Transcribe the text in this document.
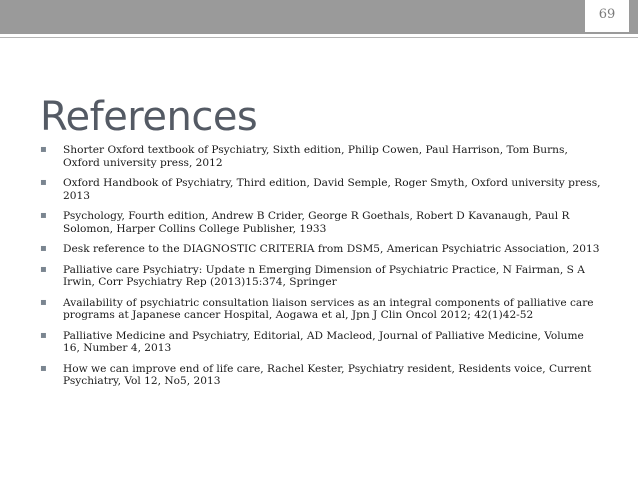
69
References
▪ Shorter Oxford textbook of Psychiatry, Sixth edition, Philip Cowen, Paul Harrison, Tom Burns, Oxford university press, 2012
▪ Oxford Handbook of Psychiatry, Third edition, David Semple, Roger Smyth, Oxford university press, 2013
▪ Psychology, Fourth edition, Andrew B Crider, George R Goethals, Robert D Kavanaugh, Paul R Solomon, Harper Collins College Publisher, 1933
▪ Desk reference to the DIAGNOSTIC CRITERIA from DSM5, American Psychiatric Association, 2013
▪ Palliative care Psychiatry: Update n Emerging Dimension of Psychiatric Practice, N Fairman, S A Irwin, Corr Psychiatry Rep (2013)15:374, Springer
▪ Availability of psychiatric consultation liaison services as an integral components of palliative care programs at Japanese cancer Hospital, Aogawa et al, Jpn J Clin Oncol 2012; 42(1)42-52
▪ Palliative Medicine and Psychiatry, Editorial, AD Macleod, Journal of Palliative Medicine, Volume 16, Number 4, 2013
▪ How we can improve end of life care, Rachel Kester, Psychiatry resident, Residents voice, Current Psychiatry, Vol 12, No5, 2013
